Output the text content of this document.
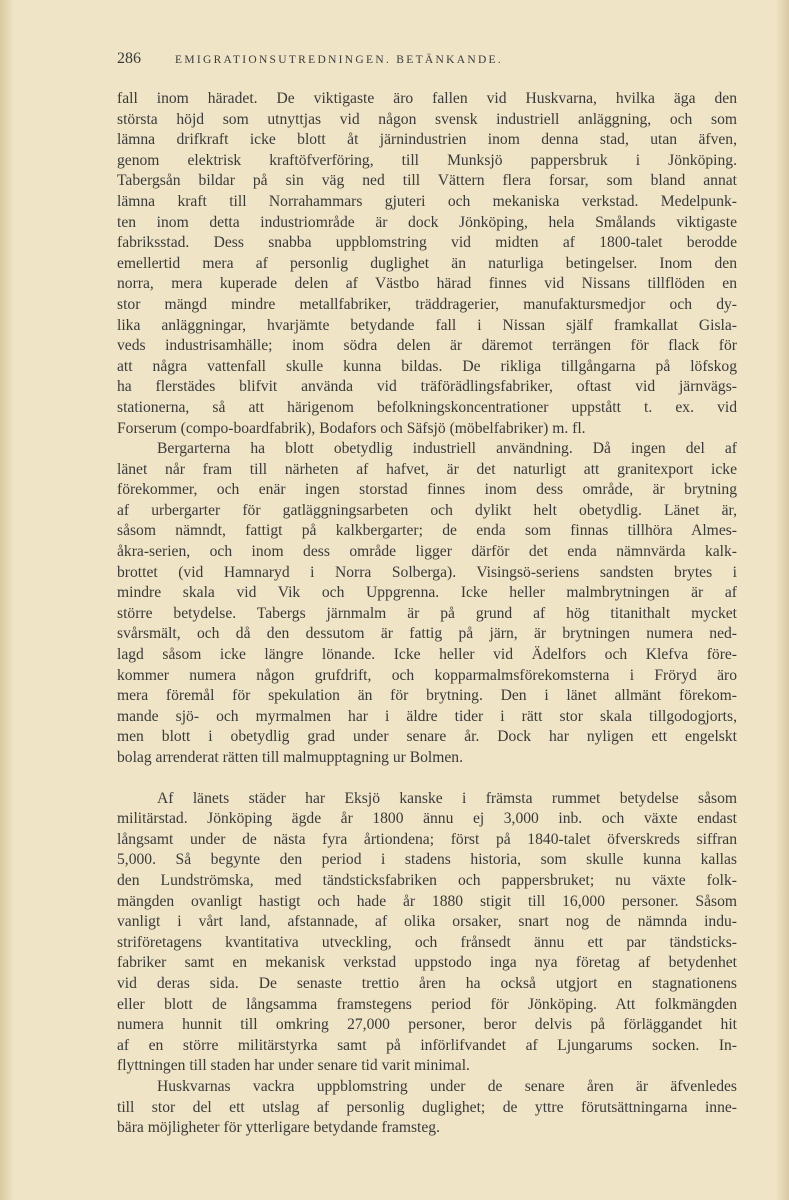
286	EMIGRATIONSUTREDNINGEN. BETÄNKANDE.
fall inom häradet. De viktigaste äro fallen vid Huskvarna, hvilka äga den
största höjd som utnyttjas vid någon svensk industriell anläggning, och som
lämna drifkraft icke blott åt järnindustrien inom denna stad, utan äfven,
genom elektrisk kraftöfverföring, till Munksjö pappersbruk i Jönköping.
Tabergsån bildar på sin väg ned till Vättern flera forsar, som bland annat
lämna kraft till Norrahammars gjuteri och mekaniska verkstad. Medelpunk-
ten inom detta industriområde är dock Jönköping, hela Smålands viktigaste
fabriksstad. Dess snabba uppblomstring vid midten af 1800-talet berodde
emellertid mera af personlig duglighet än naturliga betingelser. Inom den
norra, mera kuperade delen af Västbo härad finnes vid Nissans tillflöden en
stor mängd mindre metallfabriker, träddragerier, manufaktursmedjor och dy-
lika anläggningar, hvarjämte betydande fall i Nissan själf framkallat Gisla-
veds industrisamhälle; inom södra delen är däremot terrängen för flack för
att några vattenfall skulle kunna bildas. De rikliga tillgångarna på löfskog
ha flerstädes blifvit använda vid träförädlingsfabriker, oftast vid järnvägs-
stationerna, så att härigenom befolkningskoncentrationer uppstått t. ex. vid
Forserum (compo-boardfabrik), Bodafors och Säfsjö (möbelfabriker) m. fl.
Bergarterna ha blott obetydlig industriell användning. Då ingen del af
länet når fram till närheten af hafvet, är det naturligt att granitexport icke
förekommer, och enär ingen storstad finnes inom dess område, är brytning
af urbergarter för gatläggningsarbeten och dylikt helt obetydlig. Länet är,
såsom nämndt, fattigt på kalkbergarter; de enda som finnas tillhöra Almes-
åkra-serien, och inom dess område ligger därför det enda nämnvärda kalk-
brottet (vid Hamnaryd i Norra Solberga). Visingsö-seriens sandsten brytes i
mindre skala vid Vik och Uppgrenna. Icke heller malmbrytningen är af
större betydelse. Tabergs järnmalm är på grund af hög titanithalt mycket
svårsmält, och då den dessutom är fattig på järn, är brytningen numera ned-
lagd såsom icke längre lönande. Icke heller vid Ädelfors och Klefva före-
kommer numera någon grufdrift, och kopparmalmsförekomsterna i Fröryd äro
mera föremål för spekulation än för brytning. Den i länet allmänt förekom-
mande sjö- och myrmalmen har i äldre tider i rätt stor skala tillgodogjorts,
men blott i obetydlig grad under senare år. Dock har nyligen ett engelskt
bolag arrenderat rätten till malmupptagning ur Bolmen.
Af länets städer har Eksjö kanske i främsta rummet betydelse såsom
militärstad. Jönköping ägde år 1800 ännu ej 3,000 inb. och växte endast
långsamt under de nästa fyra årtiondena; först på 1840-talet öfverskreds siffran
5,000. Så begynte den period i stadens historia, som skulle kunna kallas
den Lundströmska, med tändsticksfabriken och pappersbruket; nu växte folk-
mängden ovanligt hastigt och hade år 1880 stigit till 16,000 personer. Såsom
vanligt i vårt land, afstannade, af olika orsaker, snart nog de nämnda indu-
striföretagens kvantitativa utveckling, och frånsedt ännu ett par tändsticks-
fabriker samt en mekanisk verkstad uppstodo inga nya företag af betydenhet
vid deras sida. De senaste trettio åren ha också utgjort en stagnationens
eller blott de långsamma framstegens period för Jönköping. Att folkmängden
numera hunnit till omkring 27,000 personer, beror delvis på förläggandet hit
af en större militärstyrka samt på införlifvandet af Ljungarums socken. In-
flyttningen till staden har under senare tid varit minimal.
Huskvarnas vackra uppblomstring under de senare åren är äfvenledes
till stor del ett utslag af personlig duglighet; de yttre förutsättningarna inne-
bära möjligheter för ytterligare betydande framsteg.
